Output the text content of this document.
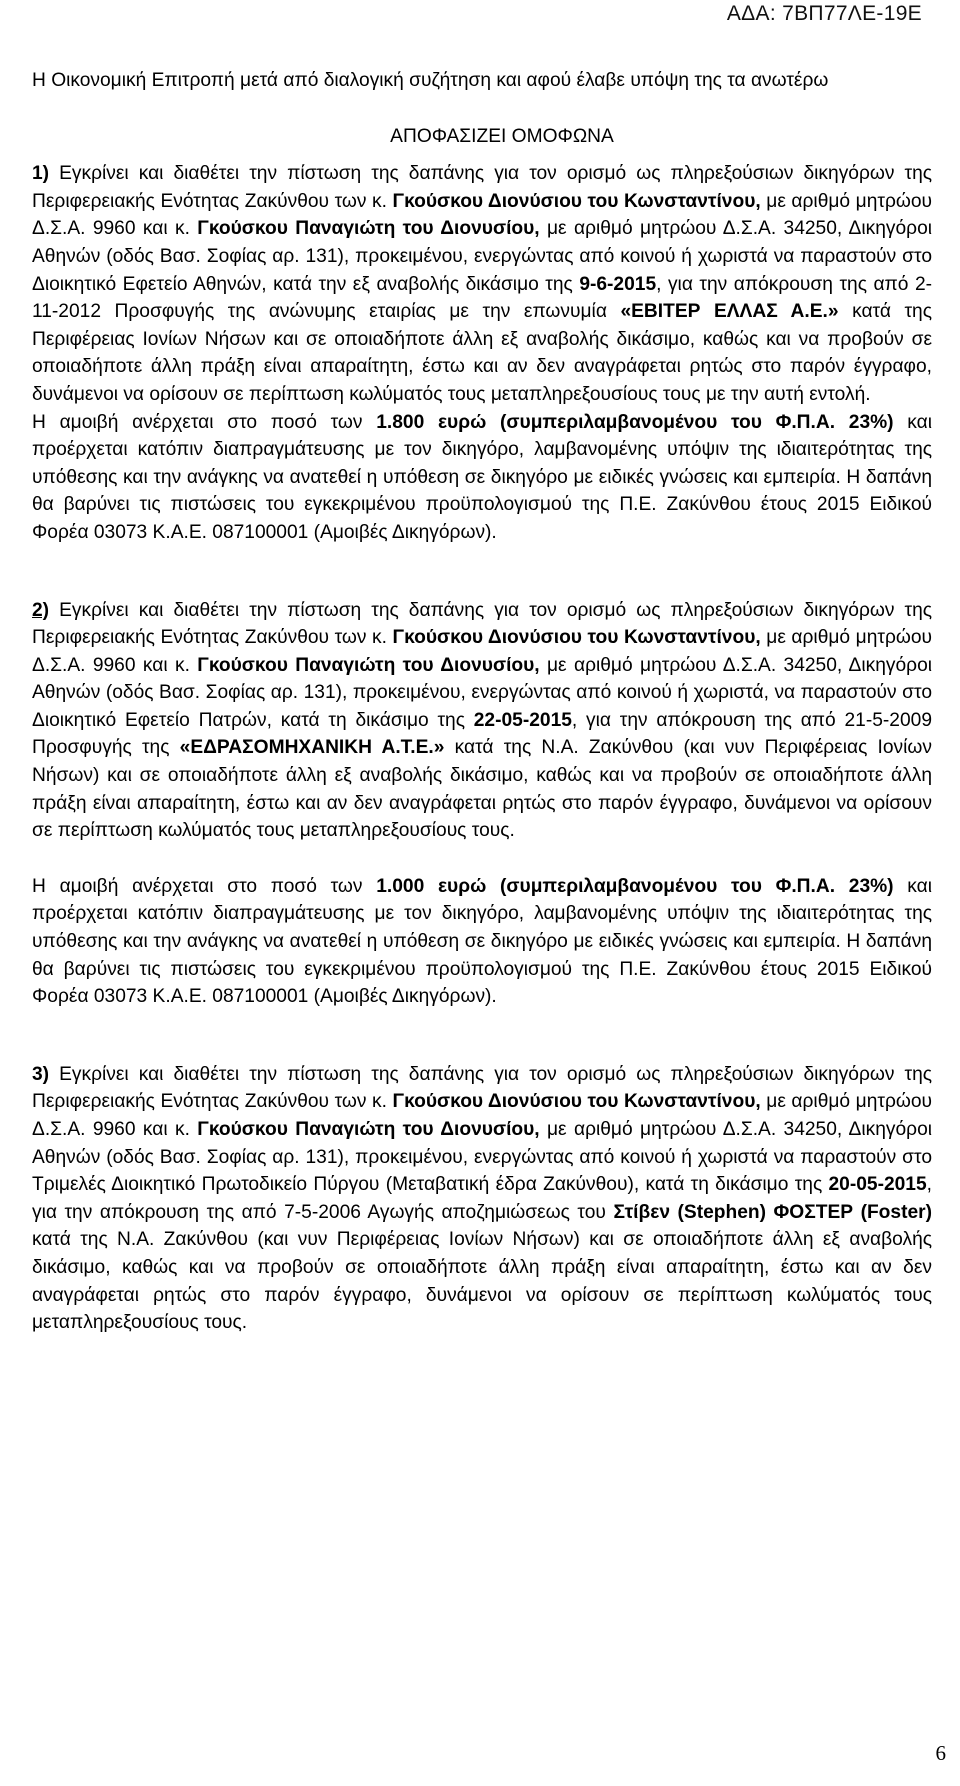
ΑΔΑ: 7ΒΠ77ΛΕ-19Ε

Η Οικονομική Επιτροπή μετά από διαλογική συζήτηση και αφού έλαβε υπόψη της τα ανωτέρω

ΑΠΟΦΑΣΙΖΕΙ ΟΜΟΦΩΝΑ

1) Εγκρίνει και διαθέτει την πίστωση της δαπάνης για τον ορισμό ως πληρεξούσιων δικηγόρων της Περιφερειακής Ενότητας Ζακύνθου των κ. Γκούσκου Διονύσιου του Κωνσταντίνου, με αριθμό μητρώου Δ.Σ.Α. 9960 και κ. Γκούσκου Παναγιώτη του Διονυσίου, με αριθμό μητρώου Δ.Σ.Α. 34250, Δικηγόροι Αθηνών (οδός Βασ. Σοφίας αρ. 131), προκειμένου, ενεργώντας από κοινού ή χωριστά να παραστούν στο Διοικητικό Εφετείο Αθηνών, κατά την εξ αναβολής δικάσιμο της 9-6-2015, για την απόκρουση της από 2-11-2012 Προσφυγής της ανώνυμης εταιρίας με την επωνυμία «ΕΒΙΤΕΡ ΕΛΛΑΣ Α.Ε.» κατά της Περιφέρειας Ιονίων Νήσων και σε οποιαδήποτε άλλη εξ αναβολής δικάσιμο, καθώς και να προβούν σε οποιαδήποτε άλλη πράξη είναι απαραίτητη, έστω και αν δεν αναγράφεται ρητώς στο παρόν έγγραφο, δυνάμενοι να ορίσουν σε περίπτωση κωλύματός τους μεταπληρεξουσίους τους με την αυτή εντολή.

Η αμοιβή ανέρχεται στο ποσό των 1.800 ευρώ (συμπεριλαμβανομένου του Φ.Π.Α. 23%) και προέρχεται κατόπιν διαπραγμάτευσης με τον δικηγόρο, λαμβανομένης υπόψιν της ιδιαιτερότητας της υπόθεσης και την ανάγκης να ανατεθεί η υπόθεση σε δικηγόρο με ειδικές γνώσεις και εμπειρία. Η δαπάνη θα βαρύνει τις πιστώσεις του εγκεκριμένου προϋπολογισμού της Π.Ε. Ζακύνθου έτους 2015 Ειδικού Φορέα 03073 Κ.Α.Ε. 087100001 (Αμοιβές Δικηγόρων).

2) Εγκρίνει και διαθέτει την πίστωση της δαπάνης για τον ορισμό ως πληρεξούσιων δικηγόρων της Περιφερειακής Ενότητας Ζακύνθου των κ. Γκούσκου Διονύσιου του Κωνσταντίνου, με αριθμό μητρώου Δ.Σ.Α. 9960 και κ. Γκούσκου Παναγιώτη του Διονυσίου, με αριθμό μητρώου Δ.Σ.Α. 34250, Δικηγόροι Αθηνών (οδός Βασ. Σοφίας αρ. 131), προκειμένου, ενεργώντας από κοινού ή χωριστά, να παραστούν στο Διοικητικό Εφετείο Πατρών, κατά τη δικάσιμο της 22-05-2015, για την απόκρουση της από 21-5-2009 Προσφυγής της «ΕΔΡΑΣΟΜΗΧΑΝΙΚΗ Α.Τ.Ε.» κατά της Ν.Α. Ζακύνθου (και νυν Περιφέρειας Ιονίων Νήσων) και σε οποιαδήποτε άλλη εξ αναβολής δικάσιμο, καθώς και να προβούν σε οποιαδήποτε άλλη πράξη είναι απαραίτητη, έστω και αν δεν αναγράφεται ρητώς στο παρόν έγγραφο, δυνάμενοι να ορίσουν σε περίπτωση κωλύματός τους μεταπληρεξουσίους τους.

Η αμοιβή ανέρχεται στο ποσό των 1.000 ευρώ (συμπεριλαμβανομένου του Φ.Π.Α. 23%) και προέρχεται κατόπιν διαπραγμάτευσης με τον δικηγόρο, λαμβανομένης υπόψιν της ιδιαιτερότητας της υπόθεσης και την ανάγκης να ανατεθεί η υπόθεση σε δικηγόρο με ειδικές γνώσεις και εμπειρία. Η δαπάνη θα βαρύνει τις πιστώσεις του εγκεκριμένου προϋπολογισμού της Π.Ε. Ζακύνθου έτους 2015 Ειδικού Φορέα 03073 Κ.Α.Ε. 087100001 (Αμοιβές Δικηγόρων).

3) Εγκρίνει και διαθέτει την πίστωση της δαπάνης για τον ορισμό ως πληρεξούσιων δικηγόρων της Περιφερειακής Ενότητας Ζακύνθου των κ. Γκούσκου Διονύσιου του Κωνσταντίνου, με αριθμό μητρώου Δ.Σ.Α. 9960 και κ. Γκούσκου Παναγιώτη του Διονυσίου, με αριθμό μητρώου Δ.Σ.Α. 34250, Δικηγόροι Αθηνών (οδός Βασ. Σοφίας αρ. 131), προκειμένου, ενεργώντας από κοινού ή χωριστά να παραστούν στο Τριμελές Διοικητικό Πρωτοδικείο Πύργου (Μεταβατική έδρα Ζακύνθου), κατά τη δικάσιμο της 20-05-2015, για την απόκρουση της από 7-5-2006 Αγωγής αποζημιώσεως του Στίβεν (Stephen) ΦΟΣΤΕΡ (Foster) κατά της Ν.Α. Ζακύνθου (και νυν Περιφέρειας Ιονίων Νήσων) και σε οποιαδήποτε άλλη εξ αναβολής δικάσιμο, καθώς και να προβούν σε οποιαδήποτε άλλη πράξη είναι απαραίτητη, έστω και αν δεν αναγράφεται ρητώς στο παρόν έγγραφο, δυνάμενοι να ορίσουν σε περίπτωση κωλύματός τους μεταπληρεξουσίους τους.

6
